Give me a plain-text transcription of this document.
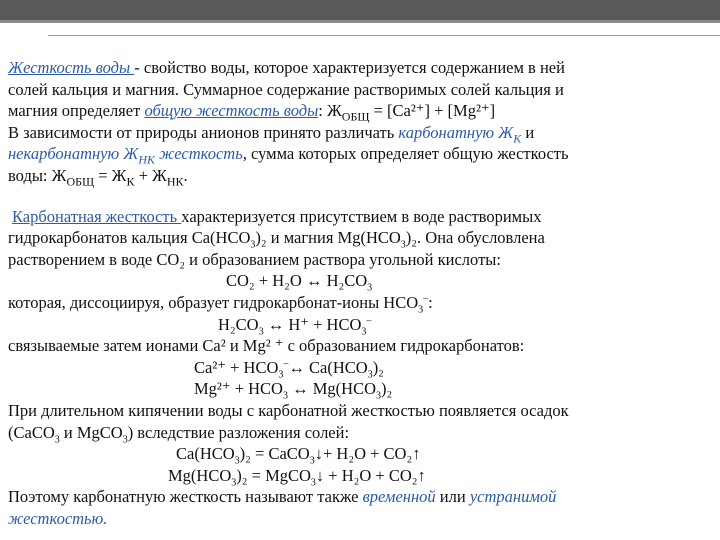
Жесткость воды - свойство воды, которое характеризуется содержанием в ней
солей кальция и магния. Суммарное содержание растворимых солей кальция и
магния определяет общую жесткость воды: $Ж_{ОБЩ} = [Ca^{2+}] + [Mg^{2+}]$
В зависимости от природы анионов принято различать карбонатную $Ж_К$ и
некарбонатную $Ж_{НК}$ жесткость, сумма которых определяет общую жесткость
воды: $Ж_{ОБЩ} = Ж_К + Ж_{НК}$.
Карбонатная жесткость характеризуется присутствием в воде растворимых
гидрокарбонатов кальция $Ca(HCO_3)_2$ и магния $Mg(HCO_3)_2$. Она обусловлена
растворением в воде CO₂ и образованием раствора угольной кислоты:
CO₂ + H₂O ↔ $H_2CO_3$
которая, диссоциируя, образует гидрокарбонат-ионы $HCO_3^-$:
$H_2CO_3$ ↔ $H^+ + HCO_3^-$
связываемые затем ионами Ca² и Mg² ⁺ с образованием гидрокарбонатов:
$Ca^{2+} + HCO_3^-\leftrightarrow$ $Ca(HCO_3)_2$
$Mg^{2+} + HCO_3$ ↔ $Mg(HCO_3)_2$
При длительном кипячении воды с карбонатной жесткостью появляется осадок
(CaCO$_3$ и MgCO$_3$) вследствие разложения солей:
$Ca(HCO_3)_2$ = CaCO$_3$↓+ H₂O + CO₂↑
$Mg(HCO_3)_2$ = MgCO$_3$↓ + H₂O + CO₂↑
Поэтому карбонатную жесткость называют также временной или устранимой
жесткостью.
